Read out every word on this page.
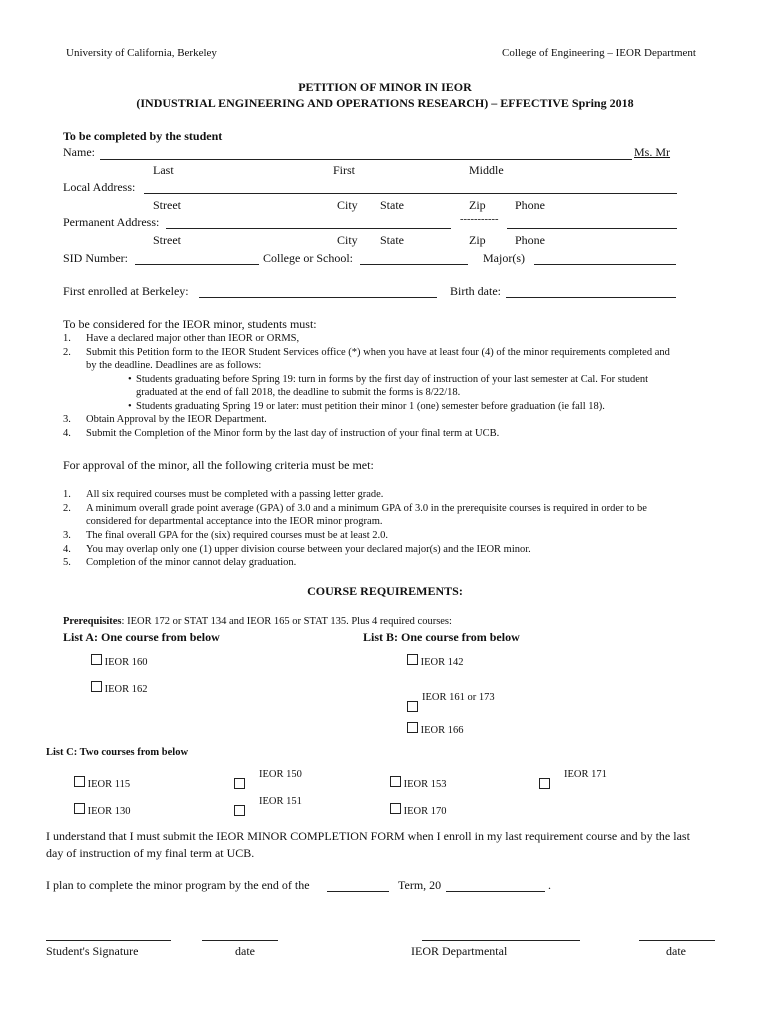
University of California, Berkeley	College of Engineering – IEOR Department
PETITION OF MINOR IN IEOR
(INDUSTRIAL ENGINEERING AND OPERATIONS RESEARCH) – EFFECTIVE Spring 2018
To be completed by the student
Name:	Ms. Mr
Last	First	Middle
Local Address:
Street	City State	Zip Phone
Permanent Address:	-----------
Street	City State	Zip Phone
SID Number:	College or School:	Major(s)
First enrolled at Berkeley:	Birth date:
To be considered for the IEOR minor, students must:
1. Have a declared major other than IEOR or ORMS,
2. Submit this Petition form to the IEOR Student Services office (*) when you have at least four (4) of the minor requirements completed and
by the deadline. Deadlines are as follows:
• Students graduating before Spring 19: turn in forms by the first day of instruction of your last semester at Cal. For student
graduated at the end of fall 2018, the deadline to submit the forms is 8/22/18.
• Students graduating Spring 19 or later: must petition their minor 1 (one) semester before graduation (ie fall 18).
3. Obtain Approval by the IEOR Department.
4. Submit the Completion of the Minor form by the last day of instruction of your final term at UCB.
For approval of the minor, all the following criteria must be met:
1. All six required courses must be completed with a passing letter grade.
2. A minimum overall grade point average (GPA) of 3.0 and a minimum GPA of 3.0 in the prerequisite courses is required in order to be
considered for departmental acceptance into the IEOR minor program.
3. The final overall GPA for the (six) required courses must be at least 2.0.
4. You may overlap only one (1) upper division course between your declared major(s) and the IEOR minor.
5. Completion of the minor cannot delay graduation.
COURSE REQUIREMENTS:
Prerequisites: IEOR 172 or STAT 134 and IEOR 165 or STAT 135. Plus 4 required courses:
List A: One course from below	List B: One course from below
IEOR 160
IEOR 162
IEOR 142
IEOR 161 or 173
IEOR 166
List C: Two courses from below
IEOR 115
IEOR 130
IEOR 150
IEOR 151
IEOR 153
IEOR 170
IEOR 171
I understand that I must submit the IEOR MINOR COMPLETION FORM when I enroll in my last requirement course and by the last
day of instruction of my final term at UCB.
I plan to complete the minor program by the end of the	Term, 20	.
Student's Signature	date	IEOR Departmental	date
